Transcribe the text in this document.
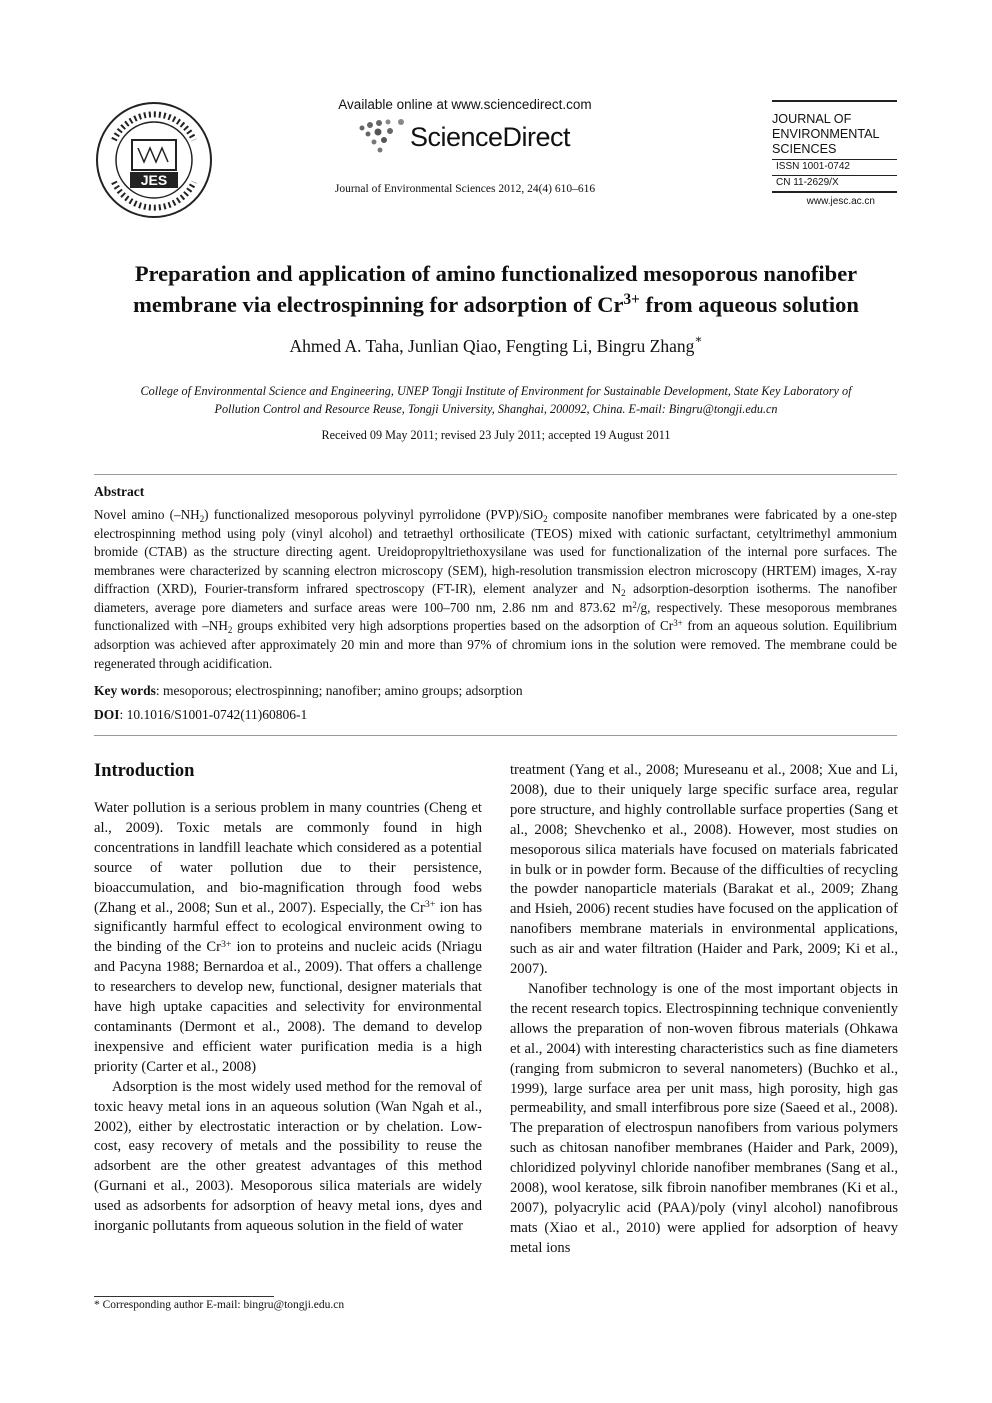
JES
Available online at www.sciencedirect.com
ScienceDirect
Journal of Environmental Sciences 2012, 24(4) 610–616
JOURNAL OF
ENVIRONMENTAL
SCIENCES
ISSN 1001-0742
CN 11-2629/X
www.jesc.ac.cn
Preparation and application of amino functionalized mesoporous nanofiber
membrane via electrospinning for adsorption of $Cr^{3+}$ from aqueous solution
Ahmed A. Taha, Junlian Qiao, Fengting Li, Bingru Zhang∗
College of Environmental Science and Engineering, UNEP Tongji Institute of Environment for Sustainable Development, State Key Laboratory of
Pollution Control and Resource Reuse, Tongji University, Shanghai, 200092, China. E-mail: Bingru@tongji.edu.cn
Received 09 May 2011; revised 23 July 2011; accepted 19 August 2011
Abstract

Novel amino $(-NH_2)$ functionalized mesoporous polyvinyl pyrrolidone (PVP)/SiO$_2$ composite nanofiber membranes were fabricated by a one-step electrospinning method using poly (vinyl alcohol) and tetraethyl orthosilicate (TEOS) mixed with cationic surfactant, cetyltrimethyl ammonium bromide (CTAB) as the structure directing agent. Ureidopropyltriethoxysilane was used for functionalization of the internal pore surfaces. The membranes were characterized by scanning electron microscopy (SEM), high-resolution transmission electron microscopy (HRTEM) images, X-ray diffraction (XRD), Fourier-transform infrared spectroscopy (FT-IR), element analyzer and $N_2$ adsorption-desorption isotherms. The nanofiber diameters, average pore diameters and surface areas were 100–700 nm, 2.86 nm and 873.62 $m^2/g$, respectively. These mesoporous membranes functionalized with $-NH_2$ groups exhibited very high adsorptions properties based on the adsorption of $Cr^{3+}$ from an aqueous solution. Equilibrium adsorption was achieved after approximately 20 min and more than 97% of chromium ions in the solution were removed. The membrane could be regenerated through acidification.

Key words: mesoporous; electrospinning; nanofiber; amino groups; adsorption
DOI: 10.1016/S1001-0742(11)60806-1
Introduction

Water pollution is a serious problem in many countries (Cheng et al., 2009). Toxic metals are commonly found in high concentrations in landfill leachate which considered as a potential source of water pollution due to their persistence, bioaccumulation, and bio-magnification through food webs (Zhang et al., 2008; Sun et al., 2007). Especially, the $Cr^{3+}$ ion has significantly harmful effect to ecological environment owing to the binding of the $Cr^{3+}$ ion to proteins and nucleic acids (Nriagu and Pacyna 1988; Bernardoa et al., 2009). That offers a challenge to researchers to develop new, functional, designer materials that have high uptake capacities and selectivity for environmental contaminants (Dermont et al., 2008). The demand to develop inexpensive and efficient water purification media is a high priority (Carter et al., 2008)

Adsorption is the most widely used method for the removal of toxic heavy metal ions in an aqueous solution (Wan Ngah et al., 2002), either by electrostatic interaction or by chelation. Low-cost, easy recovery of metals and the possibility to reuse the adsorbent are the other greatest advantages of this method (Gurnani et al., 2003). Mesoporous silica materials are widely used as adsorbents for adsorption of heavy metal ions, dyes and inorganic pollutants from aqueous solution in the field of water

treatment (Yang et al., 2008; Mureseanu et al., 2008; Xue and Li, 2008), due to their uniquely large specific surface area, regular pore structure, and highly controllable surface properties (Sang et al., 2008; Shevchenko et al., 2008). However, most studies on mesoporous silica materials have focused on materials fabricated in bulk or in powder form. Because of the difficulties of recycling the powder nanoparticle materials (Barakat et al., 2009; Zhang and Hsieh, 2006) recent studies have focused on the application of nanofibers membrane materials in environmental applications, such as air and water filtration (Haider and Park, 2009; Ki et al., 2007).

Nanofiber technology is one of the most important objects in the recent research topics. Electrospinning technique conveniently allows the preparation of non-woven fibrous materials (Ohkawa et al., 2004) with interesting characteristics such as fine diameters (ranging from submicron to several nanometers) (Buchko et al., 1999), large surface area per unit mass, high porosity, high gas permeability, and small interfibrous pore size (Saeed et al., 2008). The preparation of electrospun nanofibers from various polymers such as chitosan nanofiber membranes (Haider and Park, 2009), chloridized polyvinyl chloride nanofiber membranes (Sang et al., 2008), wool keratose, silk fibroin nanofiber membranes (Ki et al., 2007), polyacrylic acid (PAA)/poly (vinyl alcohol) nanofibrous mats (Xiao et al., 2010) were applied for adsorption of heavy metal ions

* Corresponding author E-mail: bingru@tongji.edu.cn
